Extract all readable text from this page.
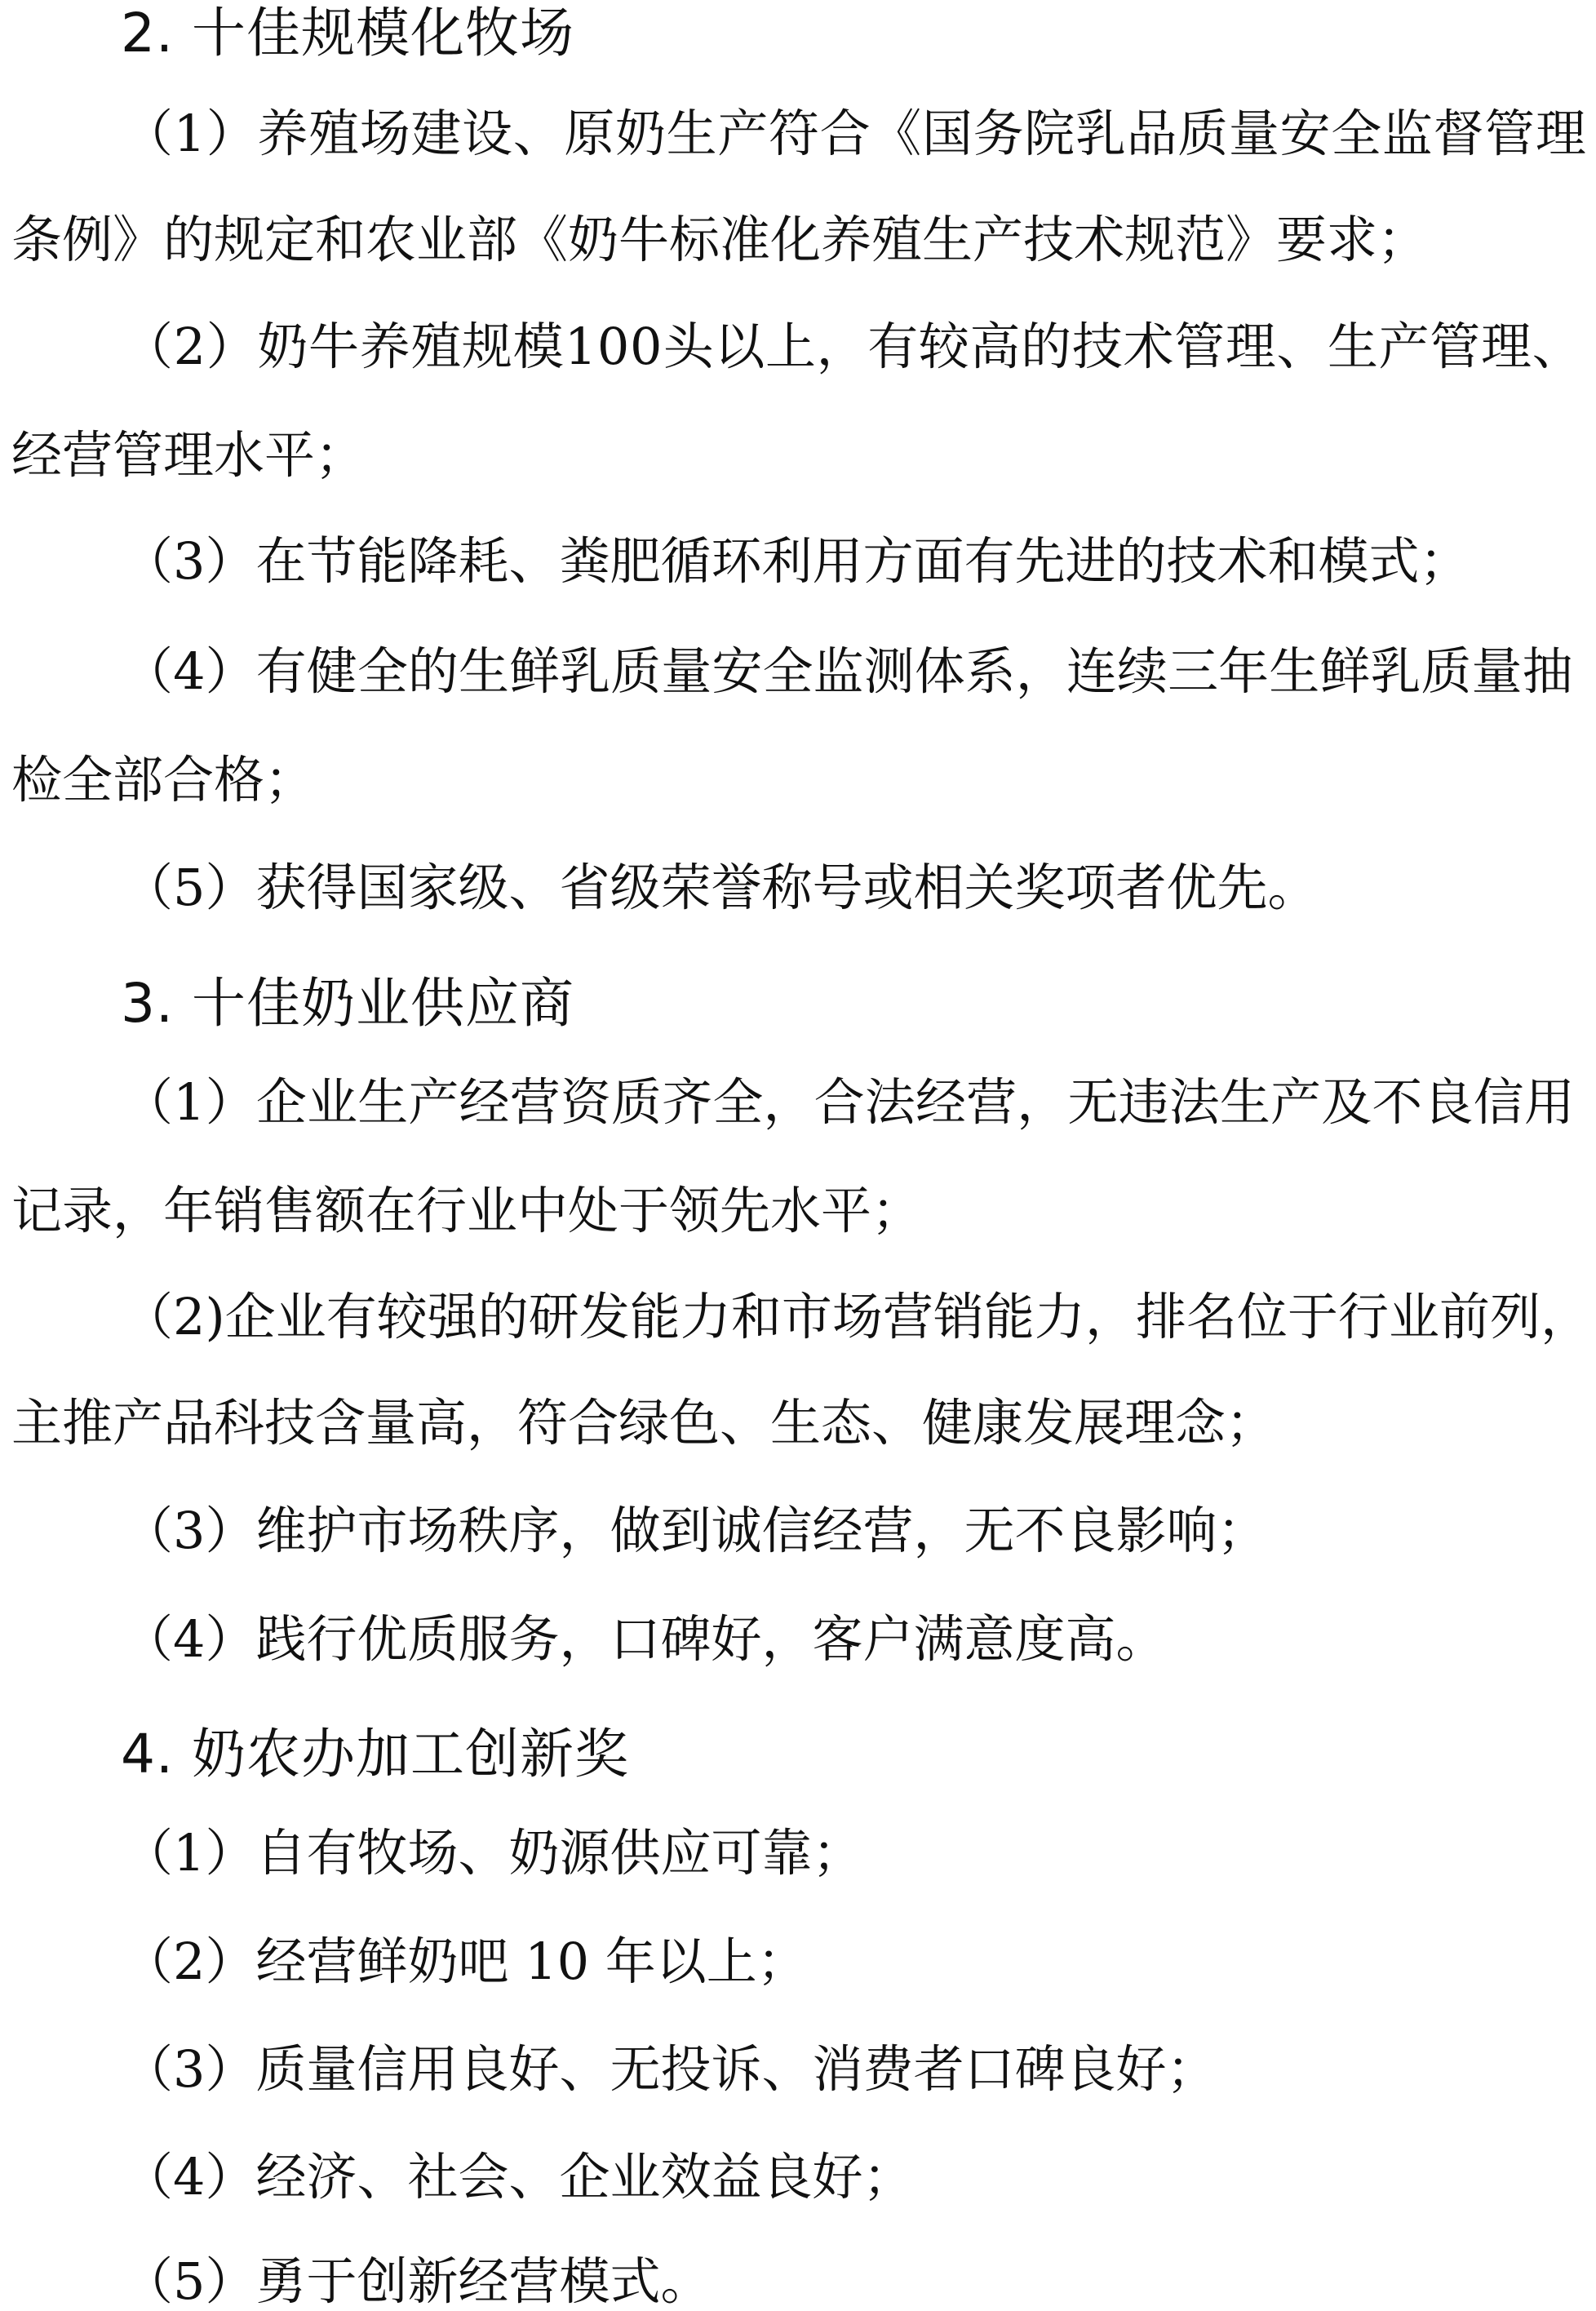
2. 十佳规模化牧场
（ 1 ） 养 殖 场 建 设 、 原 奶 生 产 符 合 《 国 务 院 乳 品 质 量 安 全 监 督 管 理
条例》的规定和农业部《奶牛标准化养殖生产技术规范》要求；
（ 2 ） 奶 牛 养 殖 规 模 1 0 0 头 以 上 ， 有 较 高 的 技 术 管 理 、 生 产 管 理 、
经营管理水平；
（3）在节能降耗、粪肥循环利用方面有先进的技术和模式；
（ 4 ） 有 健 全 的 生 鲜 乳 质 量 安 全 监 测 体 系 ， 连 续 三 年 生 鲜 乳 质 量 抽
检全部合格；
（5）获得国家级、省级荣誉称号或相关奖项者优先。
3. 十佳奶业供应商
（ 1 ） 企 业 生 产 经 营 资 质 齐 全 ， 合 法 经 营 ， 无 违 法 生 产 及 不 良 信 用
记录，年销售额在行业中处于领先水平；
（ 2 ) 企 业 有 较 强 的 研 发 能 力 和 市 场 营 销 能 力 ， 排 名 位 于 行 业 前 列 ，
主推产品科技含量高，符合绿色、生态、健康发展理念；
（3）维护市场秩序，做到诚信经营，无不良影响；
（4）践行优质服务，口碑好，客户满意度高。
4. 奶农办加工创新奖
（1）自有牧场、奶源供应可靠；
（2）经营鲜奶吧 10 年以上；
（3）质量信用良好、无投诉、消费者口碑良好；
（4）经济、社会、企业效益良好；
（5）勇于创新经营模式。
